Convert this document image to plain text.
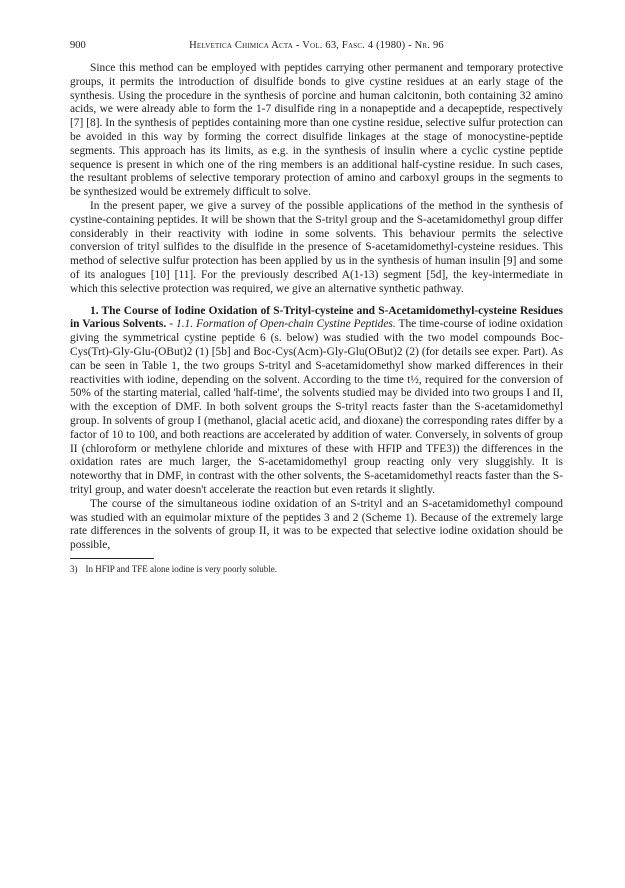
900	Helvetica Chimica Acta - Vol. 63, Fasc. 4 (1980) - Nr. 96

Since this method can be employed with peptides carrying other permanent and temporary protective groups, it permits the introduction of disulfide bonds to give cystine residues at an early stage of the synthesis. Using the procedure in the synthesis of porcine and human calcitonin, both containing 32 amino acids, we were already able to form the 1-7 disulfide ring in a nonapeptide and a decapeptide, respectively [7] [8]. In the synthesis of peptides containing more than one cystine residue, selective sulfur protection can be avoided in this way by forming the correct disulfide linkages at the stage of monocystine-peptide segments. This approach has its limits, as e.g. in the synthesis of insulin where a cyclic cystine peptide sequence is present in which one of the ring members is an additional half-cystine residue. In such cases, the resultant problems of selective temporary protection of amino and carboxyl groups in the segments to be synthesized would be extremely difficult to solve.

In the present paper, we give a survey of the possible applications of the method in the synthesis of cystine-containing peptides. It will be shown that the S-trityl group and the S-acetamidomethyl group differ considerably in their reactivity with iodine in some solvents. This behaviour permits the selective conversion of trityl sulfides to the disulfide in the presence of S-acetamidomethyl-cysteine residues. This method of selective sulfur protection has been applied by us in the synthesis of human insulin [9] and some of its analogues [10] [11]. For the previously described A(1-13) segment [5d], the key-intermediate in which this selective protection was required, we give an alternative synthetic pathway.

1. The Course of Iodine Oxidation of S-Trityl-cysteine and S-Acetamidomethyl-cysteine Residues in Various Solvents. - 1.1. Formation of Open-chain Cystine Peptides. The time-course of iodine oxidation giving the symmetrical cystine peptide 6 (s. below) was studied with the two model compounds Boc-Cys(Trt)-Gly-Glu-(OBut)2 (1) [5b] and Boc-Cys(Acm)-Gly-Glu(OBut)2 (2) (for details see exper. Part). As can be seen in Table 1, the two groups S-trityl and S-acetamidomethyl show marked differences in their reactivities with iodine, depending on the solvent. According to the time t½, required for the conversion of 50% of the starting material, called 'half-time', the solvents studied may be divided into two groups I and II, with the exception of DMF. In both solvent groups the S-trityl reacts faster than the S-acetamidomethyl group. In solvents of group I (methanol, glacial acetic acid, and dioxane) the corresponding rates differ by a factor of 10 to 100, and both reactions are accelerated by addition of water. Conversely, in solvents of group II (chloroform or methylene chloride and mixtures of these with HFIP and TFE3)) the differences in the oxidation rates are much larger, the S-acetamidomethyl group reacting only very sluggishly. It is noteworthy that in DMF, in contrast with the other solvents, the S-acetamidomethyl reacts faster than the S-trityl group, and water doesn't accelerate the reaction but even retards it slightly.

The course of the simultaneous iodine oxidation of an S-trityl and an S-acetamidomethyl compound was studied with an equimolar mixture of the peptides 3 and 2 (Scheme 1). Because of the extremely large rate differences in the solvents of group II, it was to be expected that selective iodine oxidation should be possible,

3) In HFIP and TFE alone iodine is very poorly soluble.
